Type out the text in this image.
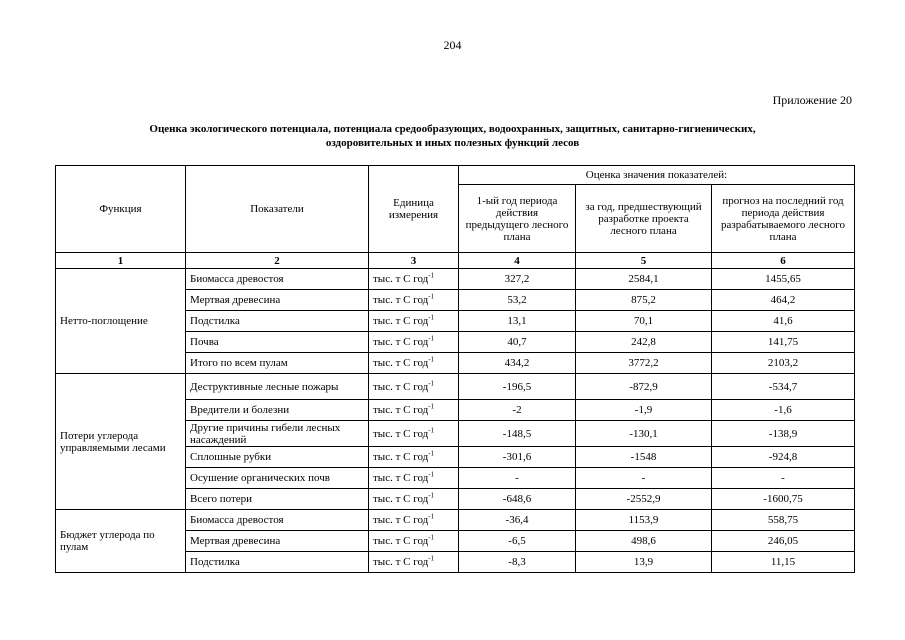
204
Приложение 20
Оценка экологического потенциала, потенциала средообразующих, водоохранных, защитных, санитарно-гигиенических,
оздоровительных и иных полезных функций лесов
Функция	Показатели	Единица измерения	Оценка значения показателей:		
			1-ый год периода действия предыдущего лесного плана	за год, предшествующий разработке проекта лесного плана	прогноз на последний год периода действия разрабатываемого лесного плана
1	2	3	4	5	6
Нетто-поглощение	Биомасса древостоя	тыс. т С год$^{-1}$	327,2	2584,1	1455,65
	Мертвая древесина	тыс. т С год$^{-1}$	53,2	875,2	464,2
	Подстилка	тыс. т С год$^{-1}$	13,1	70,1	41,6
	Почва	тыс. т С год$^{-1}$	40,7	242,8	141,75
	Итого по всем пулам	тыс. т С год$^{-1}$	434,2	3772,2	2103,2
Потери углерода управляемыми лесами	Деструктивные лесные пожары	тыс. т С год$^{-1}$	-196,5	-872,9	-534,7
	Вредители и болезни	тыс. т С год$^{-1}$	-2	-1,9	-1,6
	Другие причины гибели лесных насаждений	тыс. т С год$^{-1}$	-148,5	-130,1	-138,9
	Сплошные рубки	тыс. т С год$^{-1}$	-301,6	-1548	-924,8
	Осушение органических почв	тыс. т С год$^{-1}$	-	-	-
	Всего потери	тыс. т С год$^{-1}$	-648,6	-2552,9	-1600,75
Бюджет углерода по пулам	Биомасса древостоя	тыс. т С год$^{-1}$	-36,4	1153,9	558,75
	Мертвая древесина	тыс. т С год$^{-1}$	-6,5	498,6	246,05
	Подстилка	тыс. т С год$^{-1}$	-8,3	13,9	11,15
